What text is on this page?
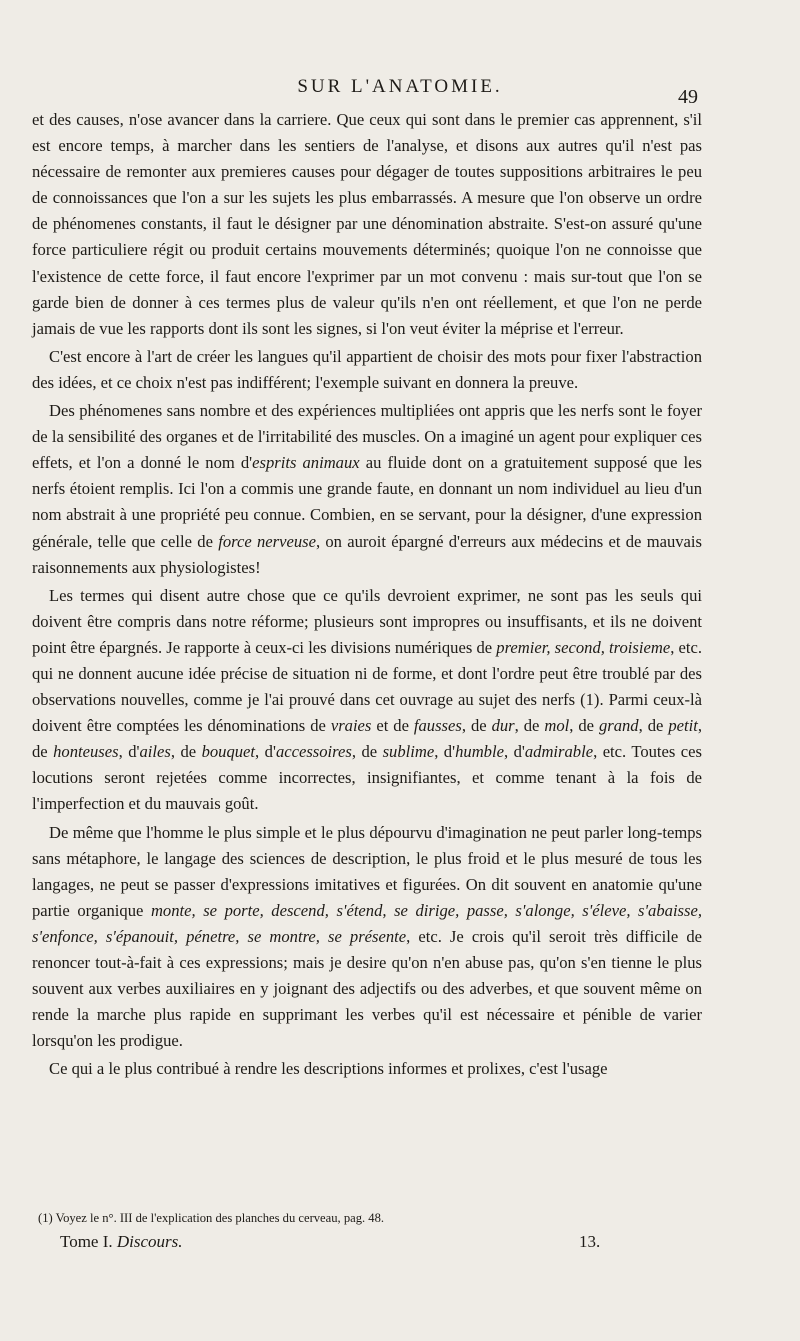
SUR L'ANATOMIE.	49

et des causes, n'ose avancer dans la carriere. Que ceux qui sont dans le premier cas apprennent, s'il est encore temps, à marcher dans les sentiers de l'analyse, et disons aux autres qu'il n'est pas nécessaire de remonter aux premieres causes pour dégager de toutes suppositions arbitraires le peu de connoissances que l'on a sur les sujets les plus embarrassés. A mesure que l'on observe un ordre de phénomenes constants, il faut le désigner par une dénomination abstraite. S'est-on assuré qu'une force particuliere régit ou produit certains mouvements déterminés; quoique l'on ne connoisse que l'existence de cette force, il faut encore l'exprimer par un mot convenu : mais sur-tout que l'on se garde bien de donner à ces termes plus de valeur qu'ils n'en ont réellement, et que l'on ne perde jamais de vue les rapports dont ils sont les signes, si l'on veut éviter la méprise et l'erreur.

C'est encore à l'art de créer les langues qu'il appartient de choisir des mots pour fixer l'abstraction des idées, et ce choix n'est pas indifférent; l'exemple suivant en donnera la preuve.

Des phénomenes sans nombre et des expériences multipliées ont appris que les nerfs sont le foyer de la sensibilité des organes et de l'irritabilité des muscles. On a imaginé un agent pour expliquer ces effets, et l'on a donné le nom d'esprits animaux au fluide dont on a gratuitement supposé que les nerfs étoient remplis. Ici l'on a commis une grande faute, en donnant un nom individuel au lieu d'un nom abstrait à une propriété peu connue. Combien, en se servant, pour la désigner, d'une expression générale, telle que celle de force nerveuse, on auroit épargné d'erreurs aux médecins et de mauvais raisonnements aux physiologistes!

Les termes qui disent autre chose que ce qu'ils devroient exprimer, ne sont pas les seuls qui doivent être compris dans notre réforme; plusieurs sont impropres ou insuffisants, et ils ne doivent point être épargnés. Je rapporte à ceux-ci les divisions numériques de premier, second, troisieme, etc. qui ne donnent aucune idée précise de situation ni de forme, et dont l'ordre peut être troublé par des observations nouvelles, comme je l'ai prouvé dans cet ouvrage au sujet des nerfs (1). Parmi ceux-là doivent être comptées les dénominations de vraies et de fausses, de dur, de mol, de grand, de petit, de honteuses, d'ailes, de bouquet, d'accessoires, de sublime, d'humble, d'admirable, etc. Toutes ces locutions seront rejetées comme incorrectes, insignifiantes, et comme tenant à la fois de l'imperfection et du mauvais goût.

De même que l'homme le plus simple et le plus dépourvu d'imagination ne peut parler long-temps sans métaphore, le langage des sciences de description, le plus froid et le plus mesuré de tous les langages, ne peut se passer d'expressions imitatives et figurées. On dit souvent en anatomie qu'une partie organique monte, se porte, descend, s'étend, se dirige, passe, s'alonge, s'éleve, s'abaisse, s'enfonce, s'épanouit, pénetre, se montre, se présente, etc. Je crois qu'il seroit très difficile de renoncer tout-à-fait à ces expressions; mais je desire qu'on n'en abuse pas, qu'on s'en tienne le plus souvent aux verbes auxiliaires en y joignant des adjectifs ou des adverbes, et que souvent même on rende la marche plus rapide en supprimant les verbes qu'il est nécessaire et pénible de varier lorsqu'on les prodigue.

Ce qui a le plus contribué à rendre les descriptions informes et prolixes, c'est l'usage

(1) Voyez le n°. III de l'explication des planches du cerveau, pag. 48.
Tome I. Discours.	13.
